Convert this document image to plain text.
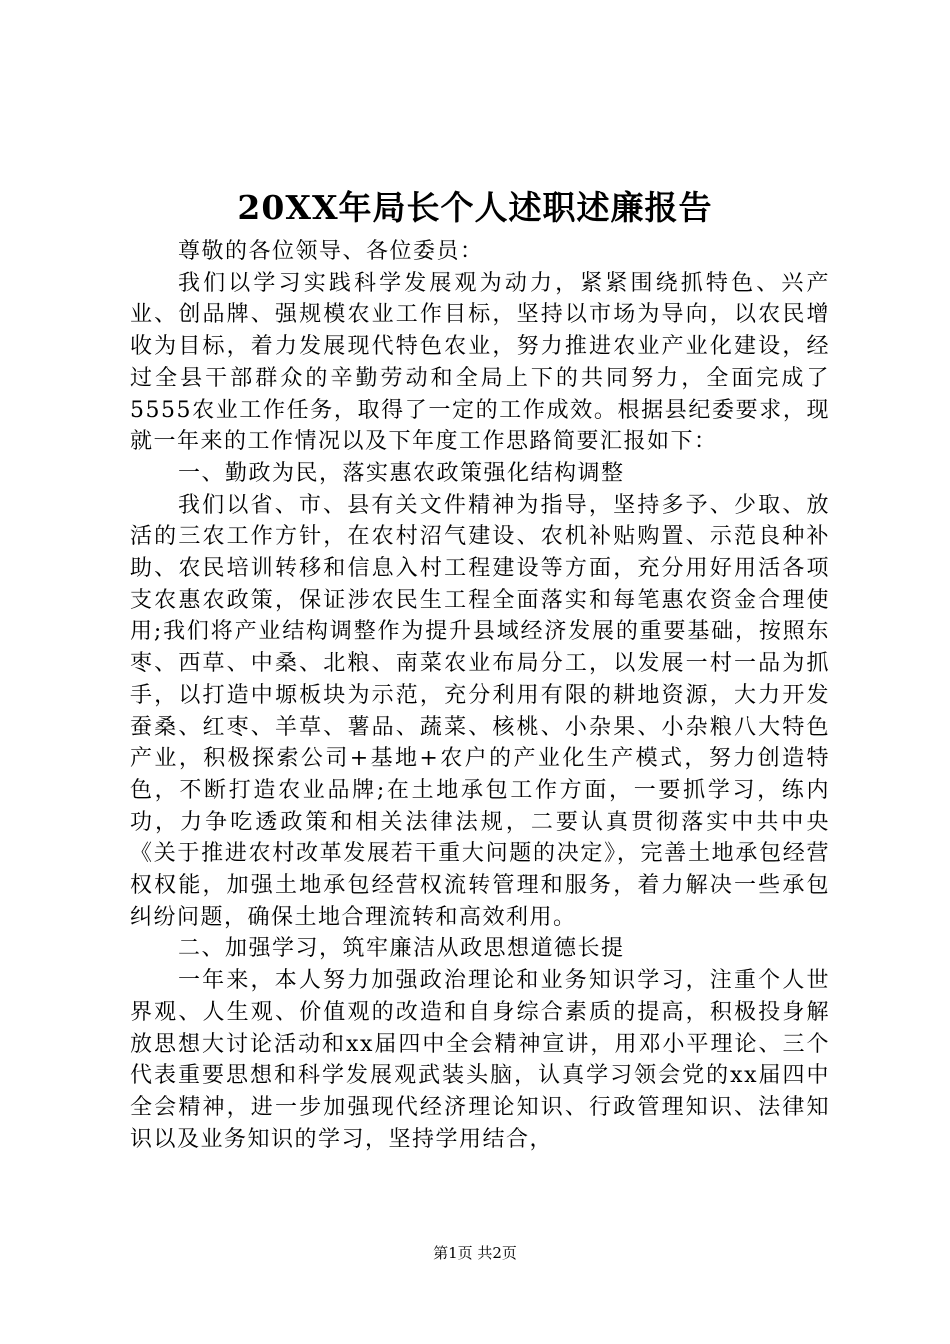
20XX年局长个人述职述廉报告

尊敬的各位领导、各位委员：

我们以学习实践科学发展观为动力，紧紧围绕抓特色、兴产业、创品牌、强规模农业工作目标，坚持以市场为导向，以农民增收为目标，着力发展现代特色农业，努力推进农业产业化建设，经过全县干部群众的辛勤劳动和全局上下的共同努力，全面完成了5555农业工作任务，取得了一定的工作成效。根据县纪委要求，现就一年来的工作情况以及下年度工作思路简要汇报如下：

一、勤政为民，落实惠农政策强化结构调整

我们以省、市、县有关文件精神为指导，坚持多予、少取、放活的三农工作方针，在农村沼气建设、农机补贴购置、示范良种补助、农民培训转移和信息入村工程建设等方面，充分用好用活各项支农惠农政策，保证涉农民生工程全面落实和每笔惠农资金合理使用;我们将产业结构调整作为提升县域经济发展的重要基础，按照东枣、西草、中桑、北粮、南菜农业布局分工，以发展一村一品为抓手，以打造中塬板块为示范，充分利用有限的耕地资源，大力开发蚕桑、红枣、羊草、薯品、蔬菜、核桃、小杂果、小杂粮八大特色产业，积极探索公司+基地+农户的产业化生产模式，努力创造特色，不断打造农业品牌;在土地承包工作方面，一要抓学习，练内功，力争吃透政策和相关法律法规，二要认真贯彻落实中共中央《关于推进农村改革发展若干重大问题的决定》，完善土地承包经营权权能，加强土地承包经营权流转管理和服务，着力解决一些承包纠纷问题，确保土地合理流转和高效利用。

二、加强学习，筑牢廉洁从政思想道德长提

一年来，本人努力加强政治理论和业务知识学习，注重个人世界观、人生观、价值观的改造和自身综合素质的提高，积极投身解放思想大讨论活动和xx届四中全会精神宣讲，用邓小平理论、三个代表重要思想和科学发展观武装头脑，认真学习领会党的xx届四中全会精神，进一步加强现代经济理论知识、行政管理知识、法律知识以及业务知识的学习，坚持学用结合，

第1页 共2页
